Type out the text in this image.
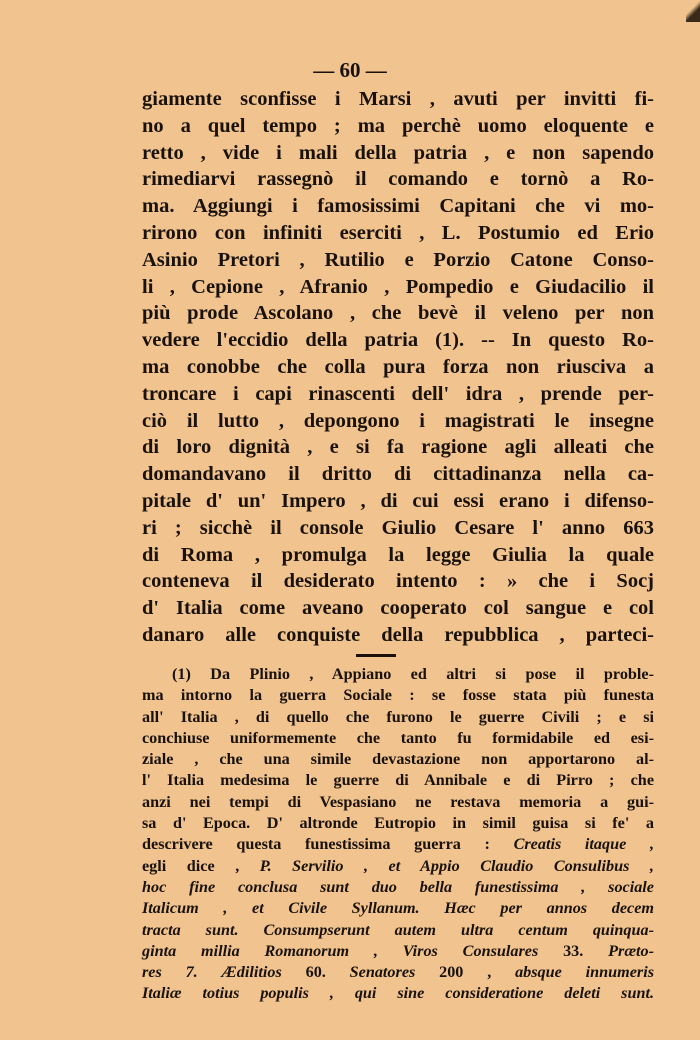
— 60 —
giamente sconfisse i Marsi , avuti per invitti fi-
no a quel tempo ; ma perchè uomo eloquente e
retto , vide i mali della patria , e non sapendo
rimediarvi rassegnò il comando e tornò a Ro-
ma. Aggiungi i famosissimi Capitani che vi mo-
rirono con infiniti eserciti , L. Postumio ed Erio
Asinio Pretori , Rutilio e Porzio Catone Conso-
li , Cepione , Afranio , Pompedio e Giudacilio il
più prode Ascolano , che bevè il veleno per non
vedere l'eccidio della patria (1). -- In questo Ro-
ma conobbe che colla pura forza non riusciva a
troncare i capi rinascenti dell' idra , prende per-
ciò il lutto , depongono i magistrati le insegne
di loro dignità , e si fa ragione agli alleati che
domandavano il dritto di cittadinanza nella ca-
pitale d' un' Impero , di cui essi erano i difenso-
ri ; sicchè il console Giulio Cesare l' anno 663
di Roma , promulga la legge Giulia la quale
conteneva il desiderato intento : » che i Socj
d' Italia come aveano cooperato col sangue e col
danaro alle conquiste della repubblica , parteci-
(1) Da Plinio , Appiano ed altri si pose il proble-
ma intorno la guerra Sociale : se fosse stata più funesta
all' Italia , di quello che furono le guerre Civili ; e si
conchiuse uniformemente che tanto fu formidabile ed esi-
ziale , che una simile devastazione non apportarono al-
l' Italia medesima le guerre di Annibale e di Pirro ; che
anzi nei tempi di Vespasiano ne restava memoria a gui-
sa d' Epoca. D' altronde Eutropio in simil guisa si fe' a
descrivere questa funestissima guerra : Creatis itaque ,
egli dice , P. Servilio , et Appio Claudio Consulibus ,
hoc fine conclusa sunt duo bella funestissima , sociale
Italicum , et Civile Syllanum. Hæc per annos decem
tracta sunt. Consumpserunt autem ultra centum quinqua-
ginta millia Romanorum , Viros Consulares 33. Præto-
res 7. Ædilitios 60. Senatores 200 , absque innumeris
Italiæ totius populis , qui sine consideratione deleti sunt.
